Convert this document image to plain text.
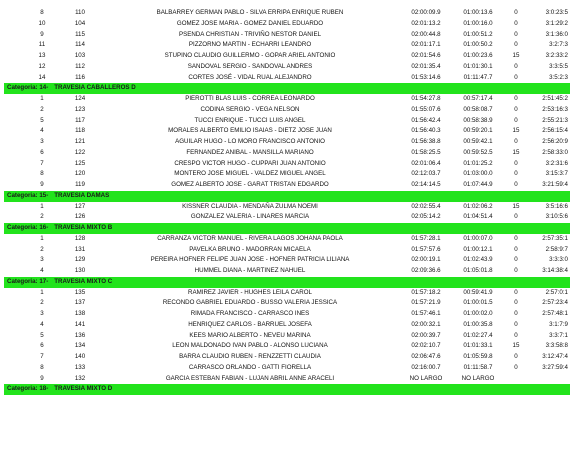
8	110	BALBARREY GERMAN PABLO - SILVA ERRIPA ENRIQUE RUBEN	02:00:09.9	01:00:13.6	0	3:0:23:5
10	104	GOMEZ JOSE MARIA - GOMEZ DANIEL EDUARDO	02:01:13.2	01:00:16.0	0	3:1:29:2
9	115	PSENDA CHRISTIAN - TRIVIÑO NESTOR DANIEL	02:00:44.8	01:00:51.2	0	3:1:36:0
11	114	PIZZORNO MARTIN - ECHARRI LEANDRO	02:01:17.1	01:00:50.2	0	3:2:7:3
13	103	STUPINO CLAUDIO GUILLERMO - GOPAR ARIEL ANTONIO	02:01:54.6	01:00:23.6	15	3:2:33:2
12	112	SANDOVAL SERGIO - SANDOVAL ANDRES	02:01:35.4	01:01:30.1	0	3:3:5:5
14	116	CORTES JOSÉ - VIDAL RUAL ALEJANDRO	01:53:14.6	01:11:47.7	0	3:5:2:3
Categoria: 14- TRAVESIA CABALLEROS D
1	124	PIEROTTI BLAS LUIS - CORREA LEONARDO	01:54:27.8	00:57:17.4	0	2:51:45:2
2	123	CODINA SERGIO - VEGA NELSON	01:55:07.6	00:58:08.7	0	2:53:16:3
5	117	TUCCI ENRIQUE - TUCCI LUIS ANGEL	01:56:42.4	00:58:38.9	0	2:55:21:3
4	118	MORALES ALBERTO EMILIO ISAIAS - DIETZ JOSE JUAN	01:56:40.3	00:59:20.1	15	2:56:15:4
3	121	AGUILAR HUGO - LO MORO FRANCISCO ANTONIO	01:56:38.8	00:59:42.1	0	2:56:20:9
6	122	FERNANDEZ ANIBAL - MANSILLA MARIANO	01:58:25.5	00:59:52.5	15	2:58:33:0
7	125	CRESPO VICTOR HUGO - CUPPARI JUAN ANTONIO	02:01:06.4	01:01:25.2	0	3:2:31:6
8	120	MONTERO JOSE MIGUEL - VALDEZ MIGUEL ANGEL	02:12:03.7	01:03:00.0	0	3:15:3:7
9	119	GOMEZ ALBERTO JOSE - GARAT TRISTAN EDGARDO	02:14:14.5	01:07:44.9	0	3:21:59:4
Categoria: 15- TRAVESIA DAMAS
1	127	KISSNER CLAUDIA - MENDAÑA ZULMA NOEMI	02:02:55.4	01:02:06.2	15	3:5:16:6
2	126	GONZALEZ VALERIA - LINARES MARCIA	02:05:14.2	01:04:51.4	0	3:10:5:6
Categoria: 16- TRAVESIA MIXTO B
1	128	CARRANZA VICTOR MANUEL - RIVERA LAGOS JOHANA PAOLA	01:57:28.1	01:00:07.0	0	2:57:35:1
2	131	PAVELKA BRUNO - MADORRAN MICAELA	01:57:57.6	01:00:12.1	0	2:58:9:7
3	129	PEREIRA HOFNER FELIPE JUAN JOSE - HOFNER PATRICIA LILIANA	02:00:19.1	01:02:43.9	0	3:3:3:0
4	130	HUMMEL DIANA - MARTINEZ NAHUEL	02:09:36.6	01:05:01.8	0	3:14:38:4
Categoria: 17- TRAVESIA MIXTO C
1	135	RAMIREZ JAVIER - HUGHES LEILA CAROL	01:57:18.2	00:59:41.9	0	2:57:0:1
2	137	RECONDO GABRIEL EDUARDO - BUSSO VALERIA JESSICA	01:57:21.9	01:00:01.5	0	2:57:23:4
3	138	RIMADA FRANCISCO - CARRASCO INES	01:57:46.1	01:00:02.0	0	2:57:48:1
4	141	HENRIQUEZ CARLOS - BARRUEL JOSEFA	02:00:32.1	01:00:35.8	0	3:1:7:9
5	136	KEES MARIO ALBERTO - NEVEU MARINA	02:00:39.7	01:02:27.4	0	3:3:7:1
6	134	LEON MALDONADO IVAN PABLO - ALONSO LUCIANA	02:02:10.7	01:01:33.1	15	3:3:58:8
7	140	BARRA CLAUDIO RUBEN - RENZZETTI CLAUDIA	02:06:47.6	01:05:59.8	0	3:12:47:4
8	133	CARRASCO ORLANDO - GATTI FIORELLA	02:16:00.7	01:11:58.7	0	3:27:59:4
9	132	GARCIA ESTEBAN FABIAN - LUJAN ABRIL ANNE ARACELI	NO LARGO	NO LARGO
Categoria: 18- TRAVESIA MIXTO D
